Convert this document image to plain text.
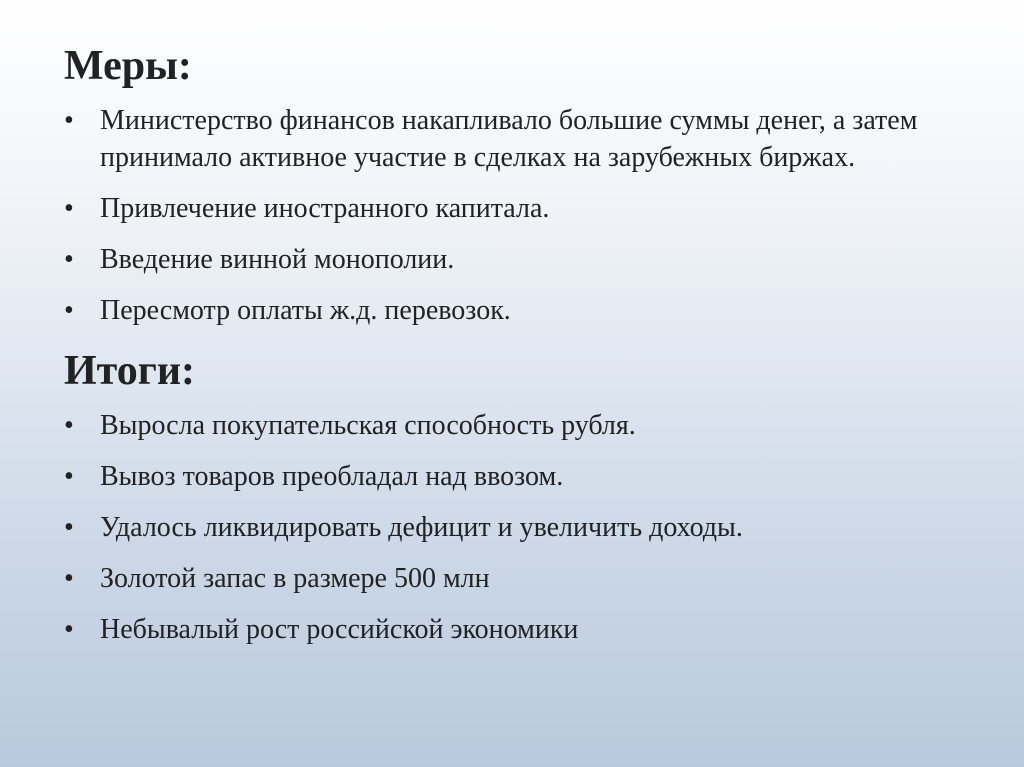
Меры:
• Министерство финансов накапливало большие суммы денег, а затем принимало активное участие в сделках на зарубежных биржах.
• Привлечение иностранного капитала.
• Введение винной монополии.
• Пересмотр оплаты ж.д. перевозок.
Итоги:
• Выросла покупательская способность рубля.
• Вывоз товаров преобладал над ввозом.
• Удалось ликвидировать дефицит и увеличить доходы.
• Золотой запас в размере 500 млн
• Небывалый рост российской экономики
